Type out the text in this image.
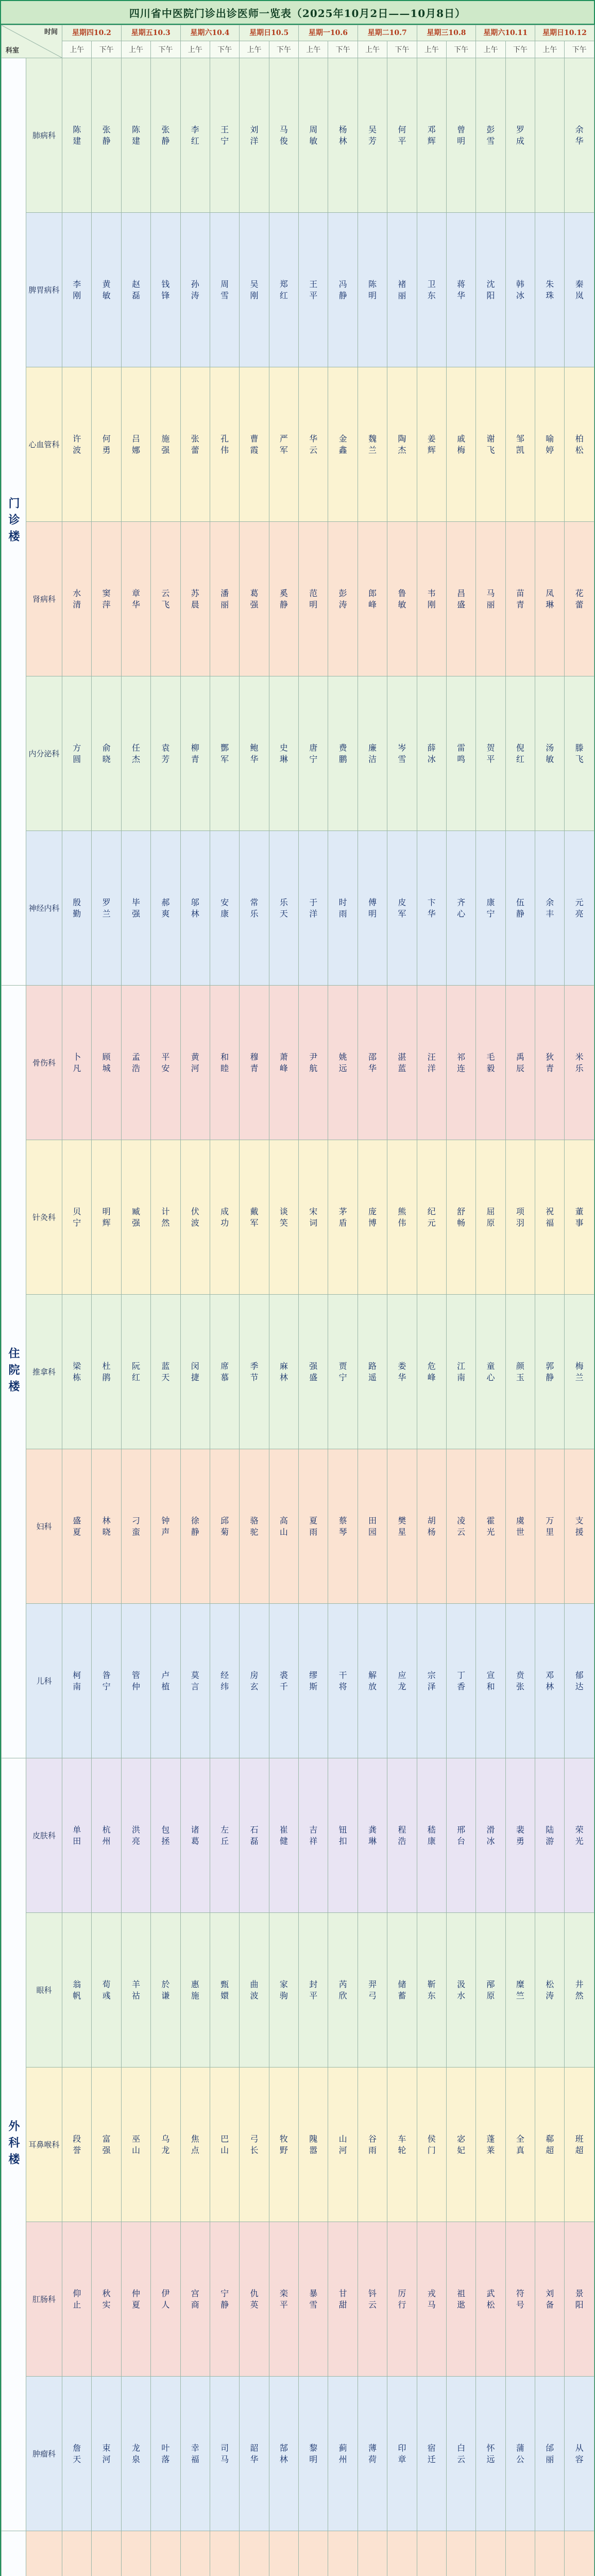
四川省中医院门诊出诊医师一览表（2025年10月2日——10月8日）
时间
科室		星期四10.2		星期五10.3		星期六10.4		星期日10.5		星期一10.6		星期二10.7		星期三10.8		星期六10.11		星期日10.12	
		上午	下午	上午	下午	上午	下午	上午	下午	上午	下午	上午	下午	上午	下午	上午	下午	上午	下午
门诊楼	肺病科	陈建	张静	陈建	张静	李红	王宁	刘洋	马俊	周敏	杨林	吴芳	何平	邓辉	曾明	彭雪	罗成		余华

	脾胃病科	李刚	黄敏	赵磊	钱锋	孙涛	周雪	吴刚	郑红	王平	冯静	陈明	褚丽	卫东	蒋华	沈阳	韩冰	朱珠	秦岚

	心血管科	许波	何勇	吕娜	施强	张蕾	孔伟	曹霞	严军	华云	金鑫	魏兰	陶杰	姜辉	戚梅	谢飞	邹凯	喻婷	柏松

	肾病科	水清	窦萍	章华	云飞	苏晨	潘丽	葛强	奚静	范明	彭涛	郎峰	鲁敏	韦刚	昌盛	马丽	苗青	凤琳	花蕾

	内分泌科	方圆	俞晓	任杰	袁芳	柳青	酆军	鲍华	史琳	唐宁	费鹏	廉洁	岑雪	薛冰	雷鸣	贺平	倪红	汤敏	滕飞

	神经内科	殷勤	罗兰	毕强	郝爽	邬林	安康	常乐	乐天	于洋	时雨	傅明	皮军	卞华	齐心	康宁	伍静	余丰	元亮

住院楼	骨伤科	卜凡	顾城	孟浩	平安	黄河	和睦	穆青	萧峰	尹航	姚远	邵华	湛蓝	汪洋	祁连	毛毅	禹辰	狄青	米乐

	针灸科	贝宁	明辉	臧强	计然	伏波	成功	戴军	谈笑	宋词	茅盾	庞博	熊伟	纪元	舒畅	屈原	项羽	祝福	董事

	推拿科	梁栋	杜鹃	阮红	蓝天	闵捷	席慕	季节	麻林	强盛	贾宁	路遥	娄华	危峰	江南	童心	颜玉	郭静	梅兰

	妇科	盛夏	林晓	刁蛮	钟声	徐静	邱菊	骆驼	高山	夏雨	蔡琴	田园	樊星	胡杨	凌云	霍光	虞世	万里	支援

	儿科	柯南	昝宁	管仲	卢植	莫言	经纬	房玄	裘千	缪斯	干将	解放	应龙	宗泽	丁香	宣和	贲张	邓林	郁达

外科楼	皮肤科	单田	杭州	洪亮	包拯	诸葛	左丘	石磊	崔健	吉祥	钮扣	龚琳	程浩	嵇康	邢台	滑冰	裴勇	陆游	荣光

	眼科	翁帆	荀彧	羊祜	於谦	惠施	甄嬛	曲波	家驹	封平	芮欣	羿弓	储蓄	靳东	汲水	邴原	糜竺	松涛	井然

	耳鼻喉科	段誉	富强	巫山	乌龙	焦点	巴山	弓长	牧野	隗嚣	山河	谷雨	车轮	侯门	宓妃	蓬莱	全真	郗超	班超

	肛肠科	仰止	秋实	仲夏	伊人	宫商	宁静	仇英	栾平	暴雪	甘甜	钭云	厉行	戎马	祖逖	武松	符号	刘备	景阳

	肿瘤科	詹天	束河	龙泉	叶落	幸福	司马	韶华	郜林	黎明	蓟州	薄荷	印章	宿迁	白云	怀远	蒲公	邰丽	从容
